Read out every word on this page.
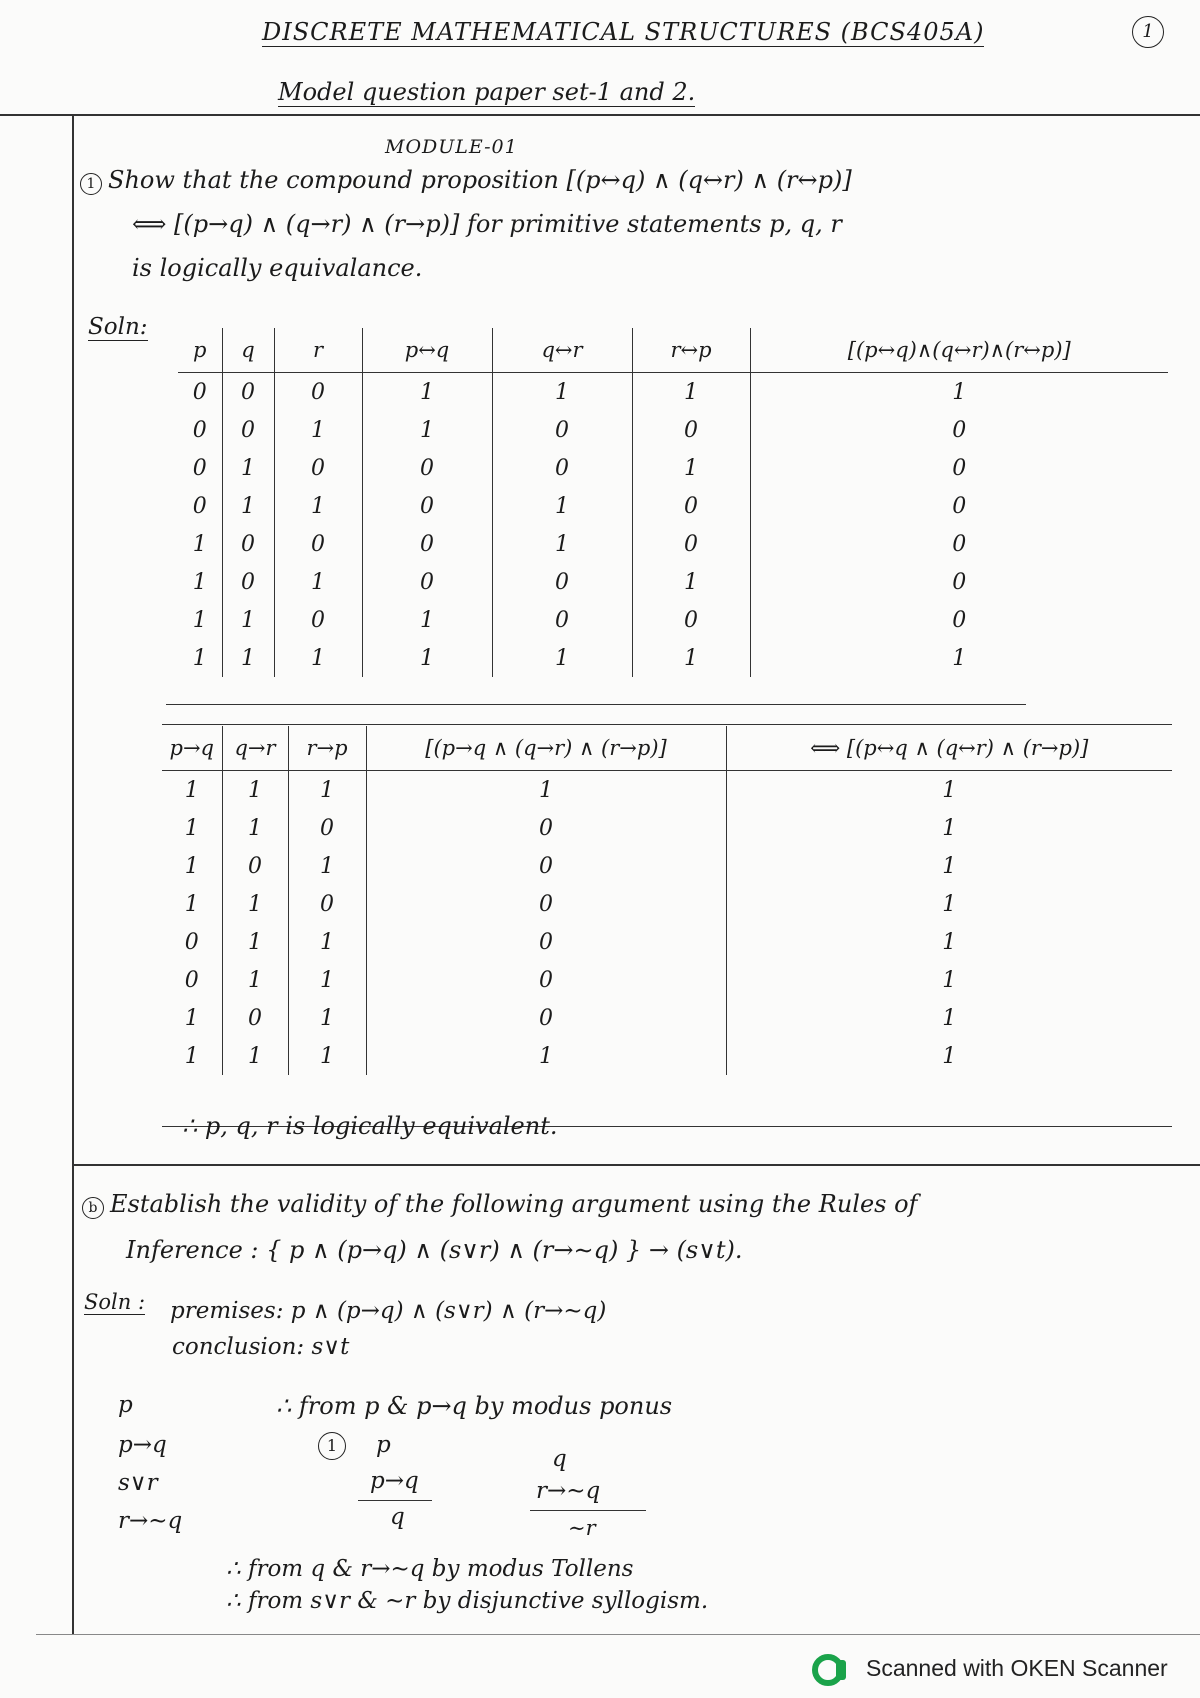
DISCRETE MATHEMATICAL STRUCTURES (BCS405A)	1
Model question paper set-1 and 2.
MODULE-01
1 Show that the compound proposition [(p↔q) ∧ (q↔r) ∧ (r↔p)]
⟺ [(p→q) ∧ (q→r) ∧ (r→p)] for primitive statements p, q, r
is logically equivalance.
Soln:
p	q	r	p↔q	q↔r	r↔p	[(p↔q)∧(q↔r)∧(r↔p)]
0	0	0	1	1	1	1
0	0	1	1	0	0	0
0	1	0	0	0	1	0
0	1	1	0	1	0	0
1	0	0	0	1	0	0
1	0	1	0	0	1	0
1	1	0	1	0	0	0
1	1	1	1	1	1	1
p→q	q→r	r→p	[(p→q ∧ (q→r) ∧ (r→p)]	⟺ [(p↔q ∧ (q↔r) ∧ (r→p)]
1	1	1	1	1
1	1	0	0	1
1	0	1	0	1
1	1	0	0	1
0	1	1	0	1
0	1	1	0	1
1	0	1	0	1
1	1	1	1	1
∴ p, q, r is logically equivalent.
b Establish the validity of the following argument using the Rules of
Inference : { p ∧ (p→q) ∧ (s∨r) ∧ (r→∼q) } → (s∨t).
Soln : premises: p ∧ (p→q) ∧ (s∨r) ∧ (r→∼q)
conclusion: s∨t
p
p→q
s∨r
r→∼q
∴ from p & p→q by modus ponus
1	p
p→q
q
q
r→∼q
∼r
∴ from q & r→∼q by modus Tollens
∴ from s∨r & ∼r by disjunctive syllogism.
Scanned with OKEN Scanner
